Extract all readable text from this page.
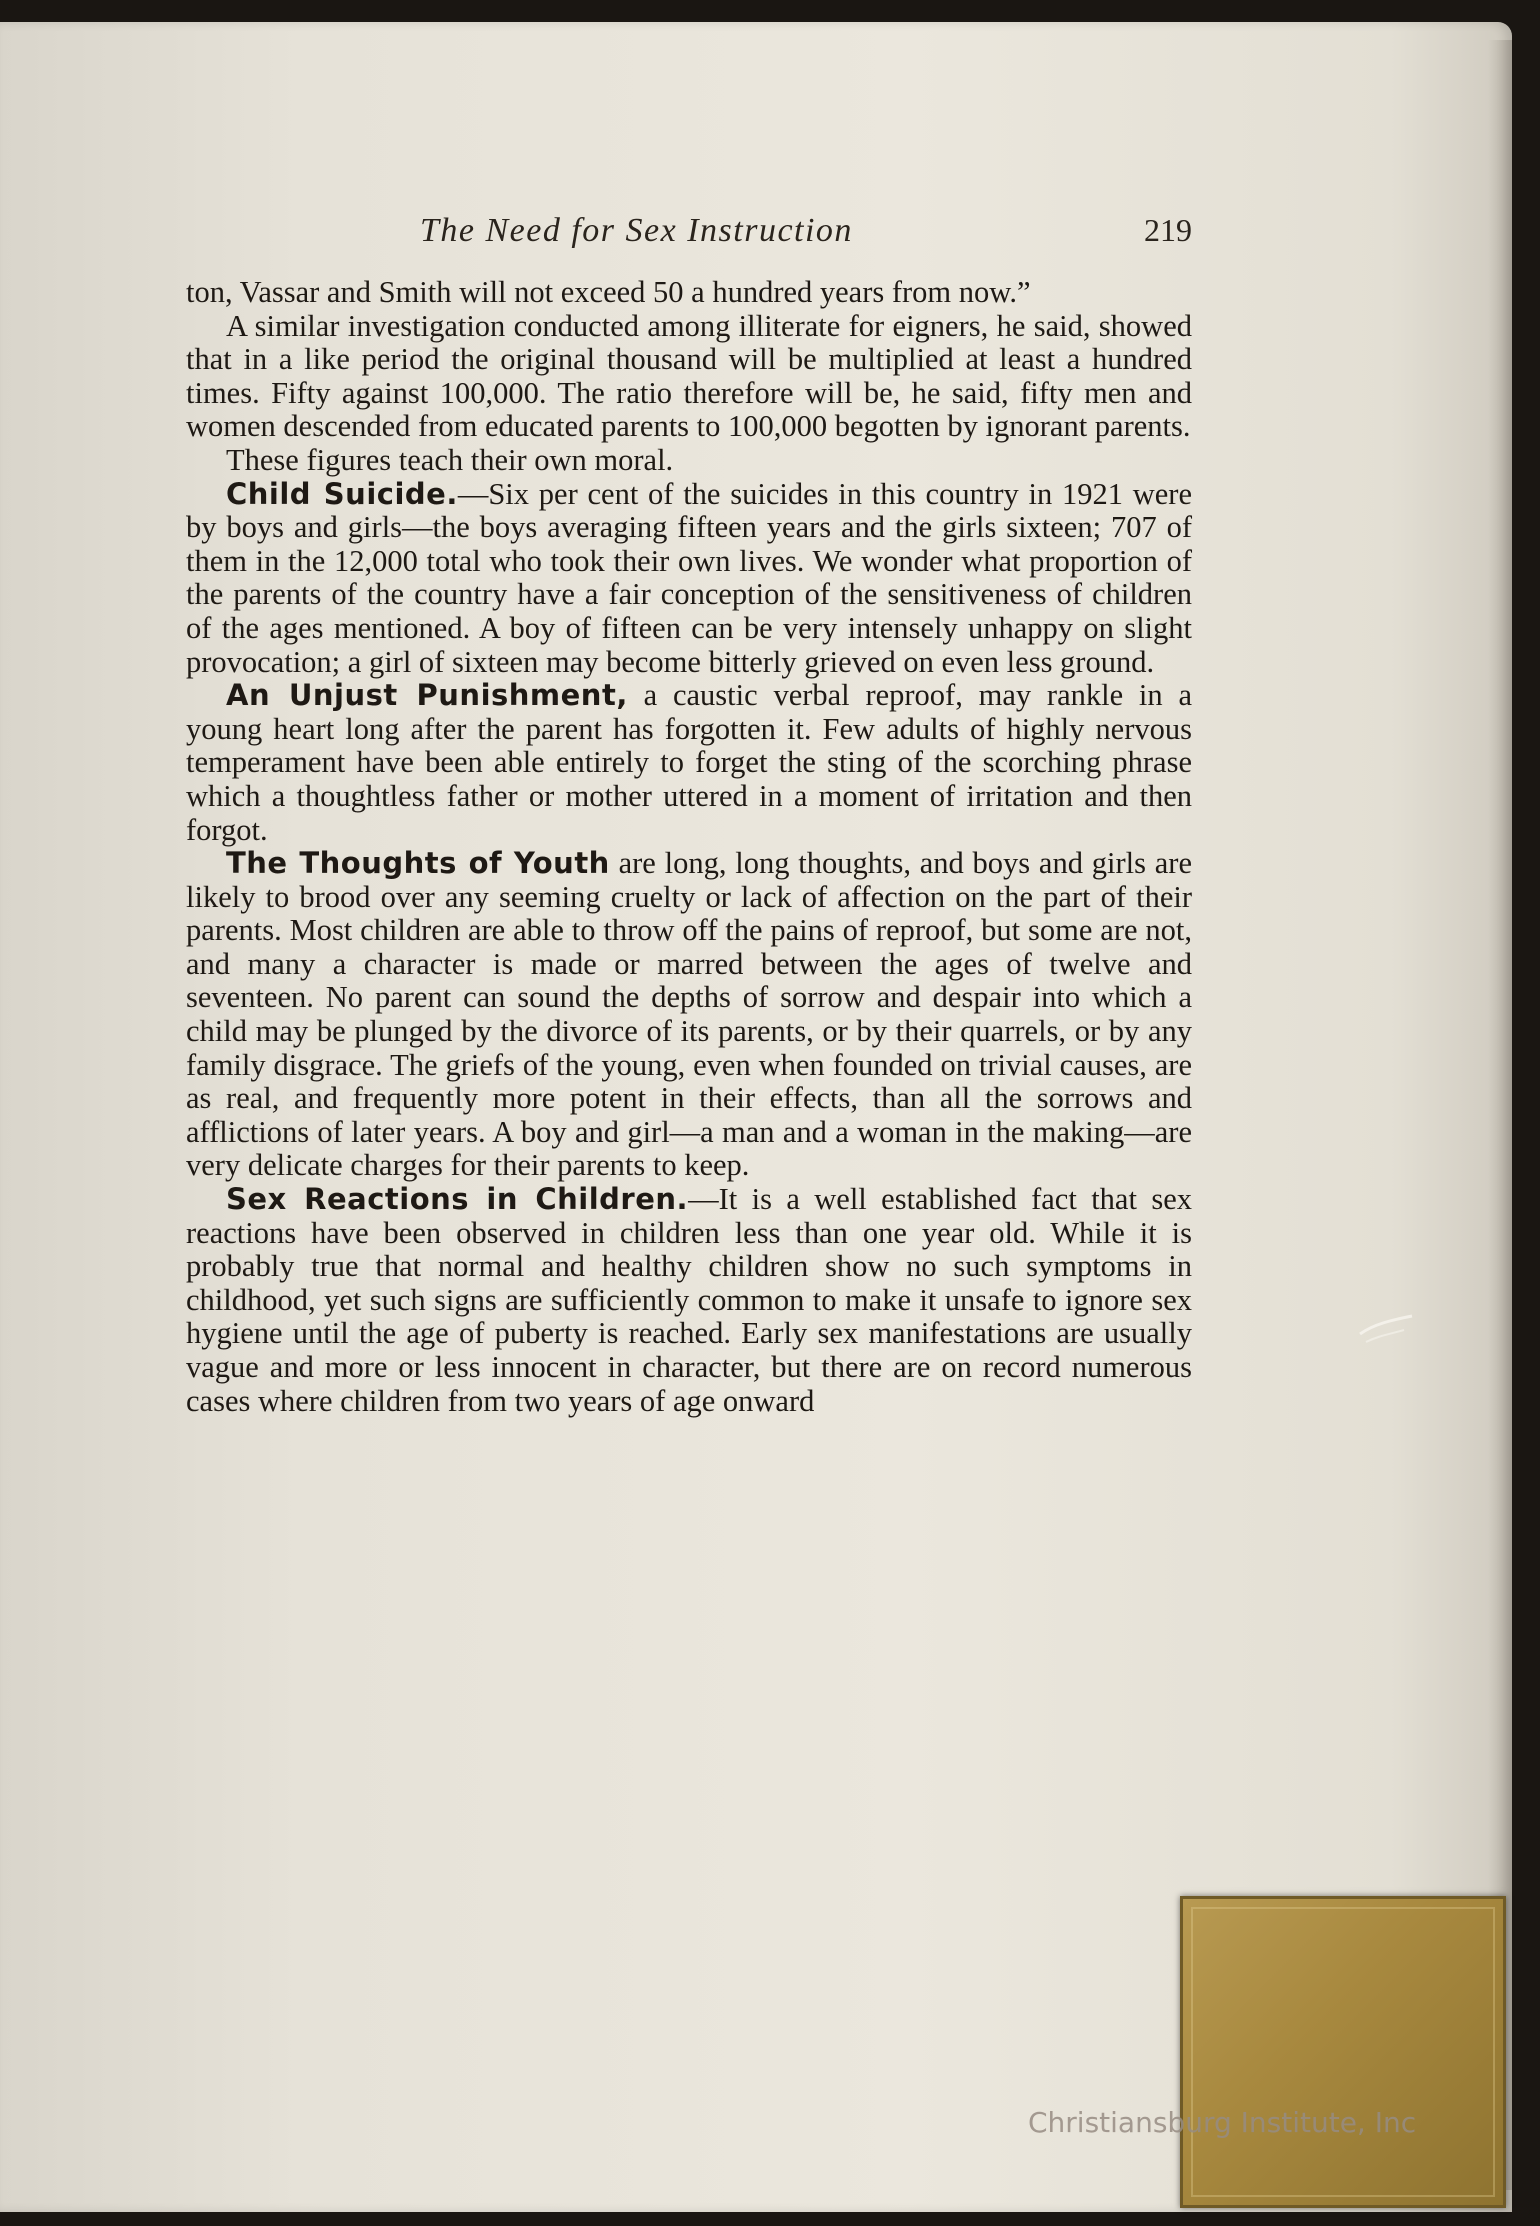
The Need for Sex Instruction	219

ton, Vassar and Smith will not exceed 50 a hundred years from now.”

A similar investigation conducted among illiterate for eigners, he said, showed that in a like period the original thousand will be multiplied at least a hundred times. Fifty against 100,000. The ratio therefore will be, he said, fifty men and women descended from educated parents to 100,000 begotten by ignorant parents.

These figures teach their own moral.

Child Suicide.—Six per cent of the suicides in this country in 1921 were by boys and girls—the boys averaging fifteen years and the girls sixteen; 707 of them in the 12,000 total who took their own lives. We wonder what proportion of the parents of the country have a fair conception of the sensitiveness of children of the ages mentioned. A boy of fifteen can be very intensely unhappy on slight provocation; a girl of sixteen may become bitterly grieved on even less ground.

An Unjust Punishment, a caustic verbal reproof, may rankle in a young heart long after the parent has forgotten it. Few adults of highly nervous temperament have been able entirely to forget the sting of the scorching phrase which a thoughtless father or mother uttered in a moment of irritation and then forgot.

The Thoughts of Youth are long, long thoughts, and boys and girls are likely to brood over any seeming cruelty or lack of affection on the part of their parents. Most children are able to throw off the pains of reproof, but some are not, and many a character is made or marred between the ages of twelve and seventeen. No parent can sound the depths of sorrow and despair into which a child may be plunged by the divorce of its parents, or by their quarrels, or by any family disgrace. The griefs of the young, even when founded on trivial causes, are as real, and frequently more potent in their effects, than all the sorrows and afflictions of later years. A boy and girl—a man and a woman in the making—are very delicate charges for their parents to keep.

Sex Reactions in Children.—It is a well established fact that sex reactions have been observed in children less than one year old. While it is probably true that normal and healthy children show no such symptoms in childhood, yet such signs are sufficiently common to make it unsafe to ignore sex hygiene until the age of puberty is reached. Early sex manifestations are usually vague and more or less innocent in character, but there are on record numerous cases where children from two years of age onward

Christiansburg Institute, Inc
